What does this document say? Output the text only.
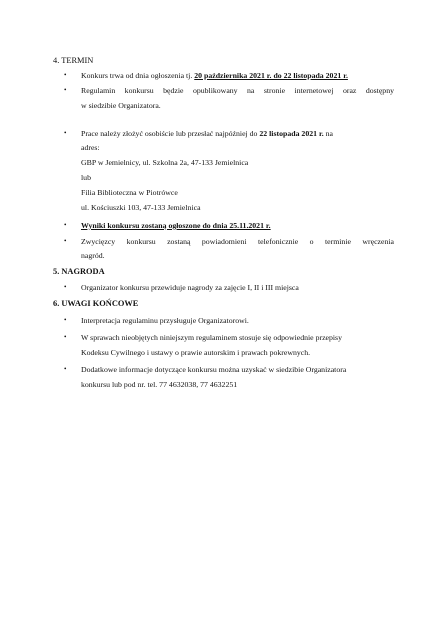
4. TERMIN
• Konkurs trwa od dnia ogłoszenia tj. 20 października 2021 r. do 22 listopada 2021 r.
• Regulamin konkursu będzie opublikowany na stronie internetowej oraz dostępny
w siedzibie Organizatora.
• Prace należy złożyć osobiście lub przesłać najpóźniej do 22 listopada 2021 r. na
adres:
GBP w Jemielnicy, ul. Szkolna 2a, 47-133 Jemielnica
lub
Filia Biblioteczna w Piotrówce
ul. Kościuszki 103, 47-133 Jemielnica
• Wyniki konkursu zostaną ogłoszone do dnia 25.11.2021 r.
• Zwycięzcy konkursu zostaną powiadomieni telefonicznie o terminie wręczenia
nagród.
5. NAGRODA
• Organizator konkursu przewiduje nagrody za zajęcie I, II i III miejsca
6. UWAGI KOŃCOWE
• Interpretacja regulaminu przysługuje Organizatorowi.
• W sprawach nieobjętych niniejszym regulaminem stosuje się odpowiednie przepisy
Kodeksu Cywilnego i ustawy o prawie autorskim i prawach pokrewnych.
• Dodatkowe informacje dotyczące konkursu można uzyskać w siedzibie Organizatora
konkursu lub pod nr. tel. 77 4632038, 77 4632251
